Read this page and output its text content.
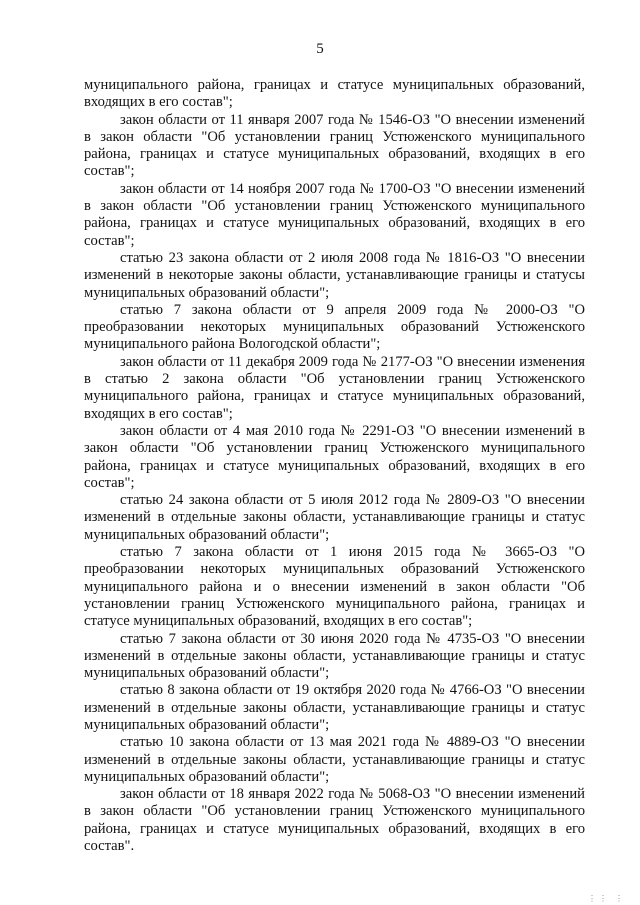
5

муниципального района, границах и статусе муниципальных образований, входящих в его состав";

закон области от 11 января 2007 года № 1546-ОЗ "О внесении изменений в закон области "Об установлении границ Устюженского муниципального района, границах и статусе муниципальных образований, входящих в его состав";

закон области от 14 ноября 2007 года № 1700-ОЗ "О внесении изменений в закон области "Об установлении границ Устюженского муниципального района, границах и статусе муниципальных образований, входящих в его состав";

статью 23 закона области от 2 июля 2008 года № 1816-ОЗ "О внесении изменений в некоторые законы области, устанавливающие границы и статусы муниципальных образований области";

статью 7 закона области от 9 апреля 2009 года № 2000-ОЗ "О преобразовании некоторых муниципальных образований Устюженского муниципального района Вологодской области";

закон области от 11 декабря 2009 года № 2177-ОЗ "О внесении изменения в статью 2 закона области "Об установлении границ Устюженского муниципального района, границах и статусе муниципальных образований, входящих в его состав";

закон области от 4 мая 2010 года № 2291-ОЗ "О внесении изменений в закон области "Об установлении границ Устюженского муниципального района, границах и статусе муниципальных образований, входящих в его состав";

статью 24 закона области от 5 июля 2012 года № 2809-ОЗ "О внесении изменений в отдельные законы области, устанавливающие границы и статус муниципальных образований области";

статью 7 закона области от 1 июня 2015 года № 3665-ОЗ "О преобразовании некоторых муниципальных образований Устюженского муниципального района и о внесении изменений в закон области "Об установлении границ Устюженского муниципального района, границах и статусе муниципальных образований, входящих в его состав";

статью 7 закона области от 30 июня 2020 года № 4735-ОЗ "О внесении изменений в отдельные законы области, устанавливающие границы и статус муниципальных образований области";

статью 8 закона области от 19 октября 2020 года № 4766-ОЗ "О внесении изменений в отдельные законы области, устанавливающие границы и статус муниципальных образований области";

статью 10 закона области от 13 мая 2021 года № 4889-ОЗ "О внесении изменений в отдельные законы области, устанавливающие границы и статус муниципальных образований области";

закон области от 18 января 2022 года № 5068-ОЗ "О внесении изменений в закон области "Об установлении границ Устюженского муниципального района, границах и статусе муниципальных образований, входящих в его состав".

⋮⋮ ⋮
